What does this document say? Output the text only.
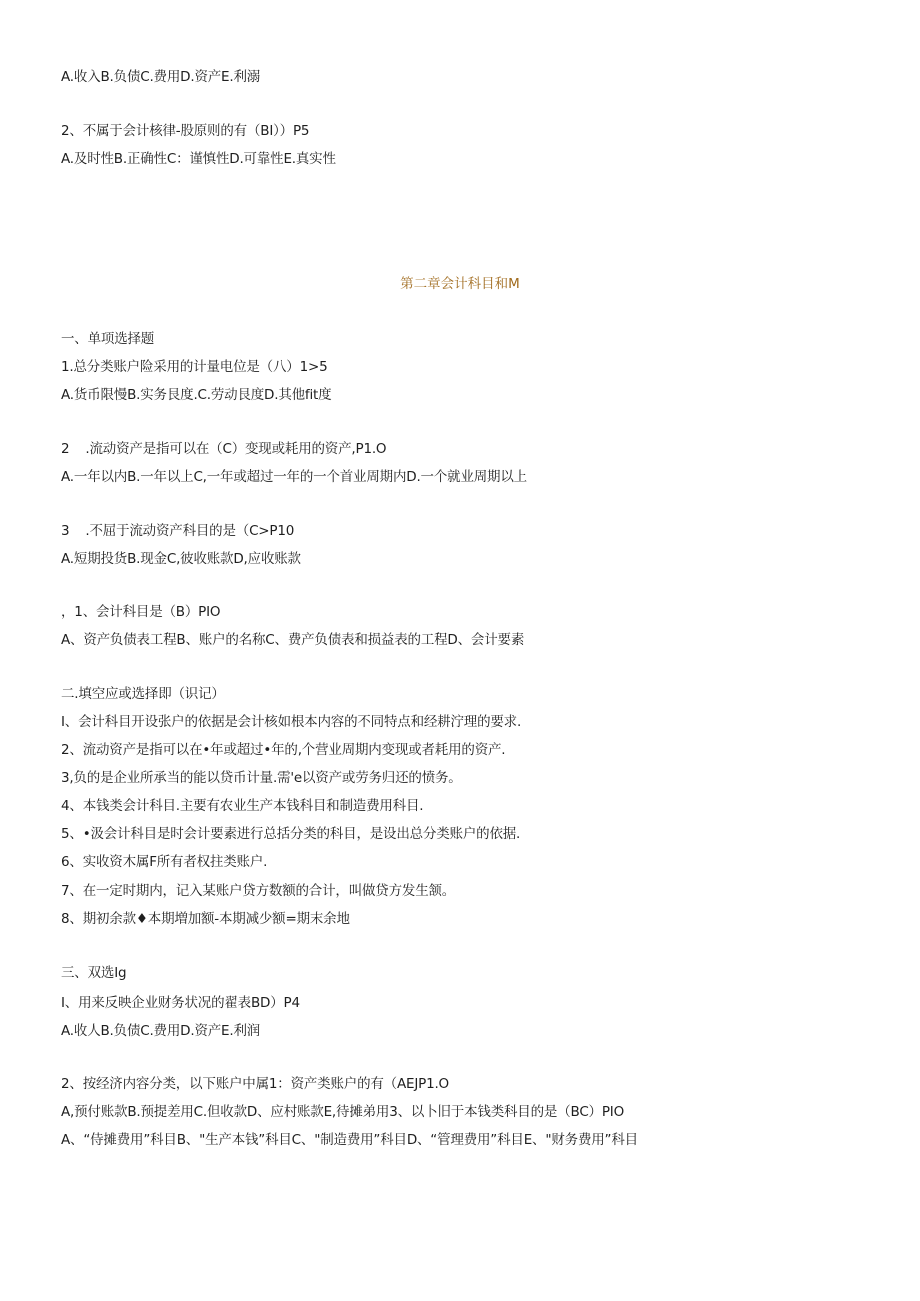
A.收入B.负债C.费用D.资产E.利溺
2、不属于会计核律-股原则的有（BI））P5
A.及时性B.正确性C：谨慎性D.可靠性E.真实性
第二章会计科目和M
一、单项选择题
1.总分类账户险采用的计量电位是（八）1>5
A.货币限慢B.实务艮度.C.劳动艮度D.其他fit度
2 .流动资产是指可以在（C）变现或耗用的资产,P1.O
A.一年以内B.一年以上C,一年或超过一年的一个首业周期内D.一个就业周期以上
3 .不屈于流动资产科目的是（C>P10
A.短期投货B.现金C,彼收账款D,应收账款
，1、会计科目是（B）PIO
A、资产负债表工程B、账户的名称C、费产负债表和损益表的工程D、会计要素
二.填空应或选择即（识记）
I、会计科目开设张户的依据是会计核如根本内容的不同特点和经耕泞理的要求.
2、流动资产是指可以在•年或超过•年的,个营业周期内变现或者耗用的资产.
3,负的是企业所承当的能以贷币计量.需'e以资产或劳务归还的愤务。
4、本钱类会计科目.主要有农业生产本钱科目和制造费用科目.
5、•汲会计科目是时会计要素进行总括分类的科目，是设出总分类账户的依据.
6、实收资木属F所有者权拄类账户.
7、在一定时期内，记入某账户贷方数额的合计，叫做贷方发生颔。
8、期初余款♦本期増加额-本期减少额=期末余地
三、双选Ig
I、用来反映企业财务状况的翟表BD）P4
A.收人B.负债C.费用D.资产E.利润
2、按经济内容分类，以下账户中属1：资产类账户的有（AEJP1.O
A,预付账款B.预提差用C.但收款D、应村账款E,待摊弟用3、以卜旧于本钱类科目的是（BC）PIO
A、“侍摊费用”科目B、"生产本钱”科目C、"制造费用”科目D、“管理费用”科目E、"财务费用”科目
